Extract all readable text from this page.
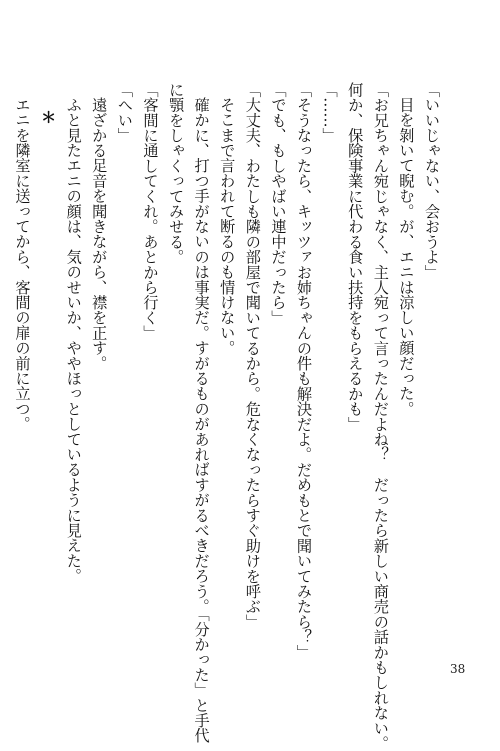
「いいじゃない、会おうよ」
目を剝いて睨む。が、エニは涼しい顔だった。
「お兄ちゃん宛じゃなく、主人宛って言ったんだよね？　だったら新しい商売の話かもしれない。
何か、保険事業に代わる食い扶持をもらえるかも」
「……」
「そうなったら、キッツァお姉ちゃんの件も解決だよ。だめもとで聞いてみたら？」
「でも、もしやばい連中だったら」
「大丈夫、わたしも隣の部屋で聞いてるから。危なくなったらすぐ助けを呼ぶ」
そこまで言われて断るのも情けない。
確かに、打つ手がないのは事実だ。すがるものがあればすがるべきだろう。「分かった」と手代
に顎をしゃくってみせる。
「客間に通してくれ。あとから行く」
「へい」
遠ざかる足音を聞きながら、襟を正す。
ふと見たエニの顔は、気のせいか、ややほっとしているように見えた。
＊
エニを隣室に送ってから、客間の扉の前に立つ。
38
